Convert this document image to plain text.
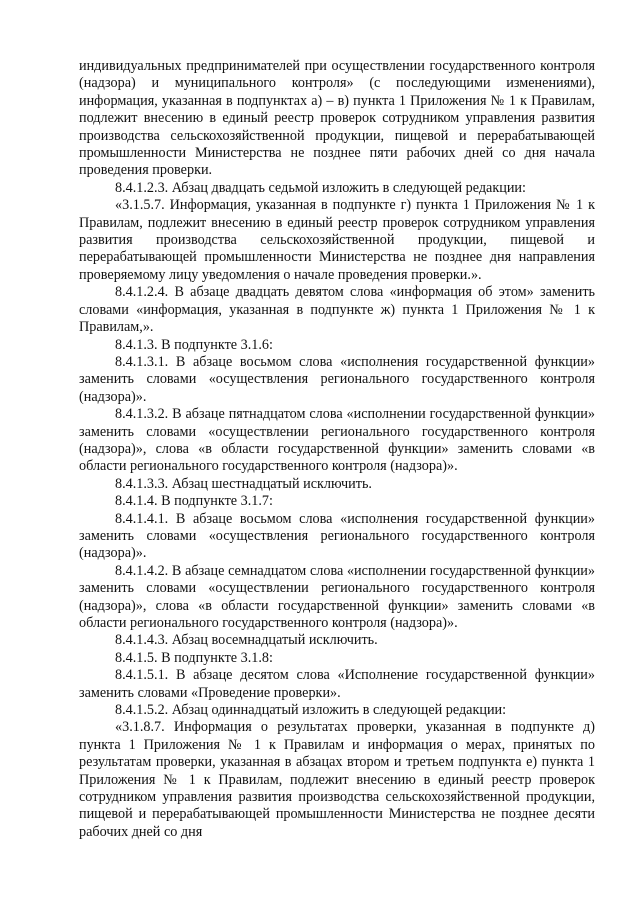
индивидуальных предпринимателей при осуществлении государственного контроля (надзора) и муниципального контроля» (с последующими изменениями), информация, указанная в подпунктах а) – в) пункта 1 Приложения № 1 к Правилам, подлежит внесению в единый реестр проверок сотрудником управления развития производства сельскохозяйственной продукции, пищевой и перерабатывающей промышленности Министерства не позднее пяти рабочих дней со дня начала проведения проверки.

8.4.1.2.3. Абзац двадцать седьмой изложить в следующей редакции:

«3.1.5.7. Информация, указанная в подпункте г) пункта 1 Приложения № 1 к Правилам, подлежит внесению в единый реестр проверок сотрудником управления развития производства сельскохозяйственной продукции, пищевой и перерабатывающей промышленности Министерства не позднее дня направления проверяемому лицу уведомления о начале проведения проверки.».

8.4.1.2.4. В абзаце двадцать девятом слова «информация об этом» заменить словами «информация, указанная в подпункте ж) пункта 1 Приложения № 1 к Правилам,».

8.4.1.3. В подпункте 3.1.6:

8.4.1.3.1. В абзаце восьмом слова «исполнения государственной функции» заменить словами «осуществления регионального государственного контроля (надзора)».

8.4.1.3.2. В абзаце пятнадцатом слова «исполнении государственной функции» заменить словами «осуществлении регионального государственного контроля (надзора)», слова «в области государственной функции» заменить словами «в области регионального государственного контроля (надзора)».

8.4.1.3.3. Абзац шестнадцатый исключить.

8.4.1.4. В подпункте 3.1.7:

8.4.1.4.1. В абзаце восьмом слова «исполнения государственной функции» заменить словами «осуществления регионального государственного контроля (надзора)».

8.4.1.4.2. В абзаце семнадцатом слова «исполнении государственной функции» заменить словами «осуществлении регионального государственного контроля (надзора)», слова «в области государственной функции» заменить словами «в области регионального государственного контроля (надзора)».

8.4.1.4.3. Абзац восемнадцатый исключить.

8.4.1.5. В подпункте 3.1.8:

8.4.1.5.1. В абзаце десятом слова «Исполнение государственной функции» заменить словами «Проведение проверки».

8.4.1.5.2. Абзац одиннадцатый изложить в следующей редакции:

«3.1.8.7. Информация о результатах проверки, указанная в подпункте д) пункта 1 Приложения № 1 к Правилам и информация о мерах, принятых по результатам проверки, указанная в абзацах втором и третьем подпункта е) пункта 1 Приложения № 1 к Правилам, подлежит внесению в единый реестр проверок сотрудником управления развития производства сельскохозяйственной продукции, пищевой и перерабатывающей промышленности Министерства не позднее десяти рабочих дней со дня
